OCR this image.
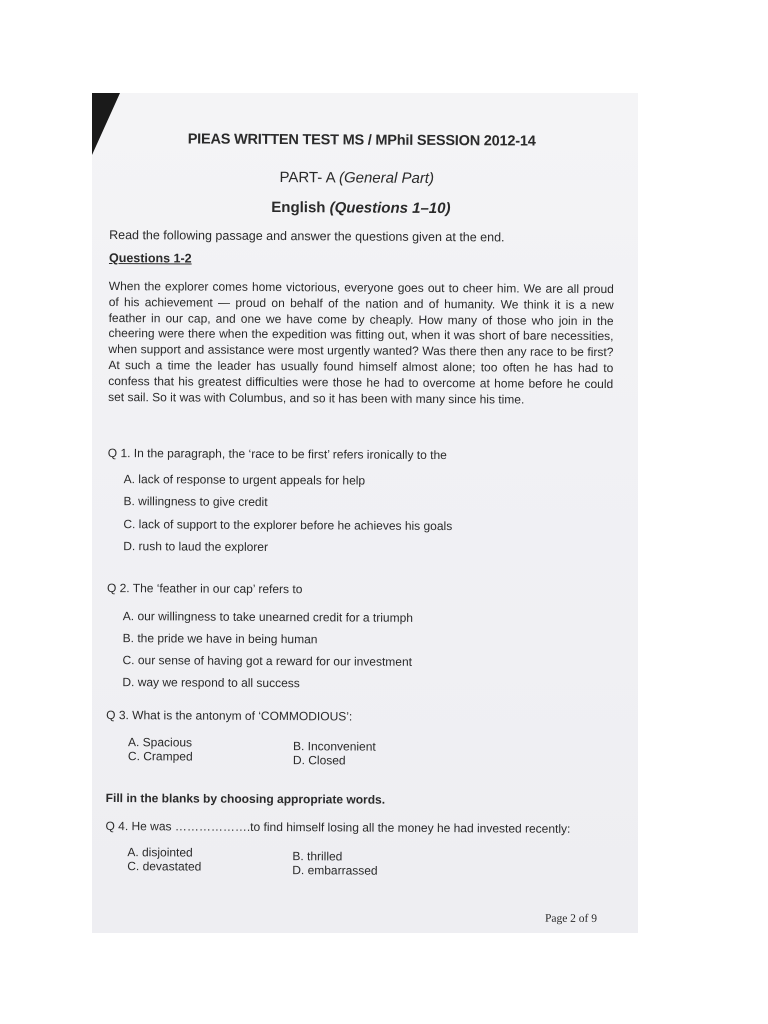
PIEAS WRITTEN TEST MS / MPhil SESSION 2012-14
PART- A (General Part)
English (Questions 1–10)
Read the following passage and answer the questions given at the end.
Questions 1-2
When the explorer comes home victorious, everyone goes out to cheer him. We are all proud of his achievement — proud on behalf of the nation and of humanity. We think it is a new feather in our cap, and one we have come by cheaply. How many of those who join in the cheering were there when the expedition was fitting out, when it was short of bare necessities, when support and assistance were most urgently wanted? Was there then any race to be first? At such a time the leader has usually found himself almost alone; too often he has had to confess that his greatest difficulties were those he had to overcome at home before he could set sail. So it was with Columbus, and so it has been with many since his time.
Q 1. In the paragraph, the ‘race to be first’ refers ironically to the
A. lack of response to urgent appeals for help
B. willingness to give credit
C. lack of support to the explorer before he achieves his goals
D. rush to laud the explorer
Q 2. The ‘feather in our cap’ refers to
A. our willingness to take unearned credit for a triumph
B. the pride we have in being human
C. our sense of having got a reward for our investment
D. way we respond to all success
Q 3. What is the antonym of ‘COMMODIOUS’:
A. Spacious
C. Cramped
B. Inconvenient
D. Closed
Fill in the blanks by choosing appropriate words.
Q 4. He was ……………….to find himself losing all the money he had invested recently:
A. disjointed
C. devastated
B. thrilled
D. embarrassed
Page 2 of 9
